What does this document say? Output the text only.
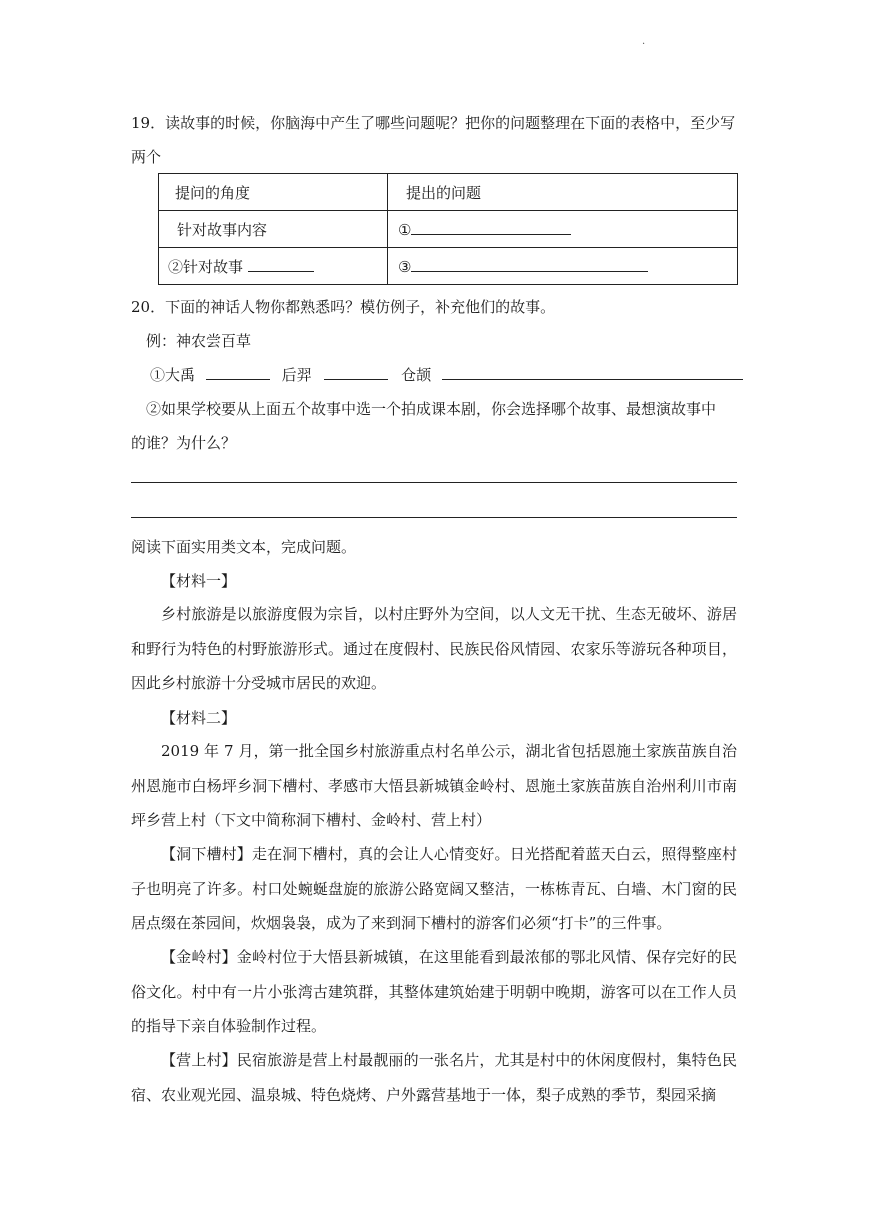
.
19．读故事的时候，你脑海中产生了哪些问题呢？把你的问题整理在下面的表格中，至少写
两个
提问的角度	提出的问题
针对故事内容	①
②针对故事	③
20．下面的神话人物你都熟悉吗？模仿例子，补充他们的故事。
例：神农尝百草
①大禹	后羿	仓颉
②如果学校要从上面五个故事中选一个拍成课本剧，你会选择哪个故事、最想演故事中
的谁？为什么？
阅读下面实用类文本，完成问题。
【材料一】
乡村旅游是以旅游度假为宗旨，以村庄野外为空间，以人文无干扰、生态无破坏、游居和野行为特色的村野旅游形式。通过在度假村、民族民俗风情园、农家乐等游玩各种项目，因此乡村旅游十分受城市居民的欢迎。
【材料二】
2019 年 7 月，第一批全国乡村旅游重点村名单公示，湖北省包括恩施土家族苗族自治州恩施市白杨坪乡洞下槽村、孝感市大悟县新城镇金岭村、恩施土家族苗族自治州利川市南坪乡营上村（下文中简称洞下槽村、金岭村、营上村）
【洞下槽村】走在洞下槽村，真的会让人心情变好。日光搭配着蓝天白云，照得整座村子也明亮了许多。村口处蜿蜒盘旋的旅游公路宽阔又整洁，一栋栋青瓦、白墙、木门窗的民居点缀在茶园间，炊烟袅袅，成为了来到洞下槽村的游客们必须“打卡”的三件事。
【金岭村】金岭村位于大悟县新城镇，在这里能看到最浓郁的鄂北风情、保存完好的民俗文化。村中有一片小张湾古建筑群，其整体建筑始建于明朝中晚期，游客可以在工作人员的指导下亲自体验制作过程。
【营上村】民宿旅游是营上村最靓丽的一张名片，尤其是村中的休闲度假村，集特色民宿、农业观光园、温泉城、特色烧烤、户外露营基地于一体，梨子成熟的季节，梨园采摘
